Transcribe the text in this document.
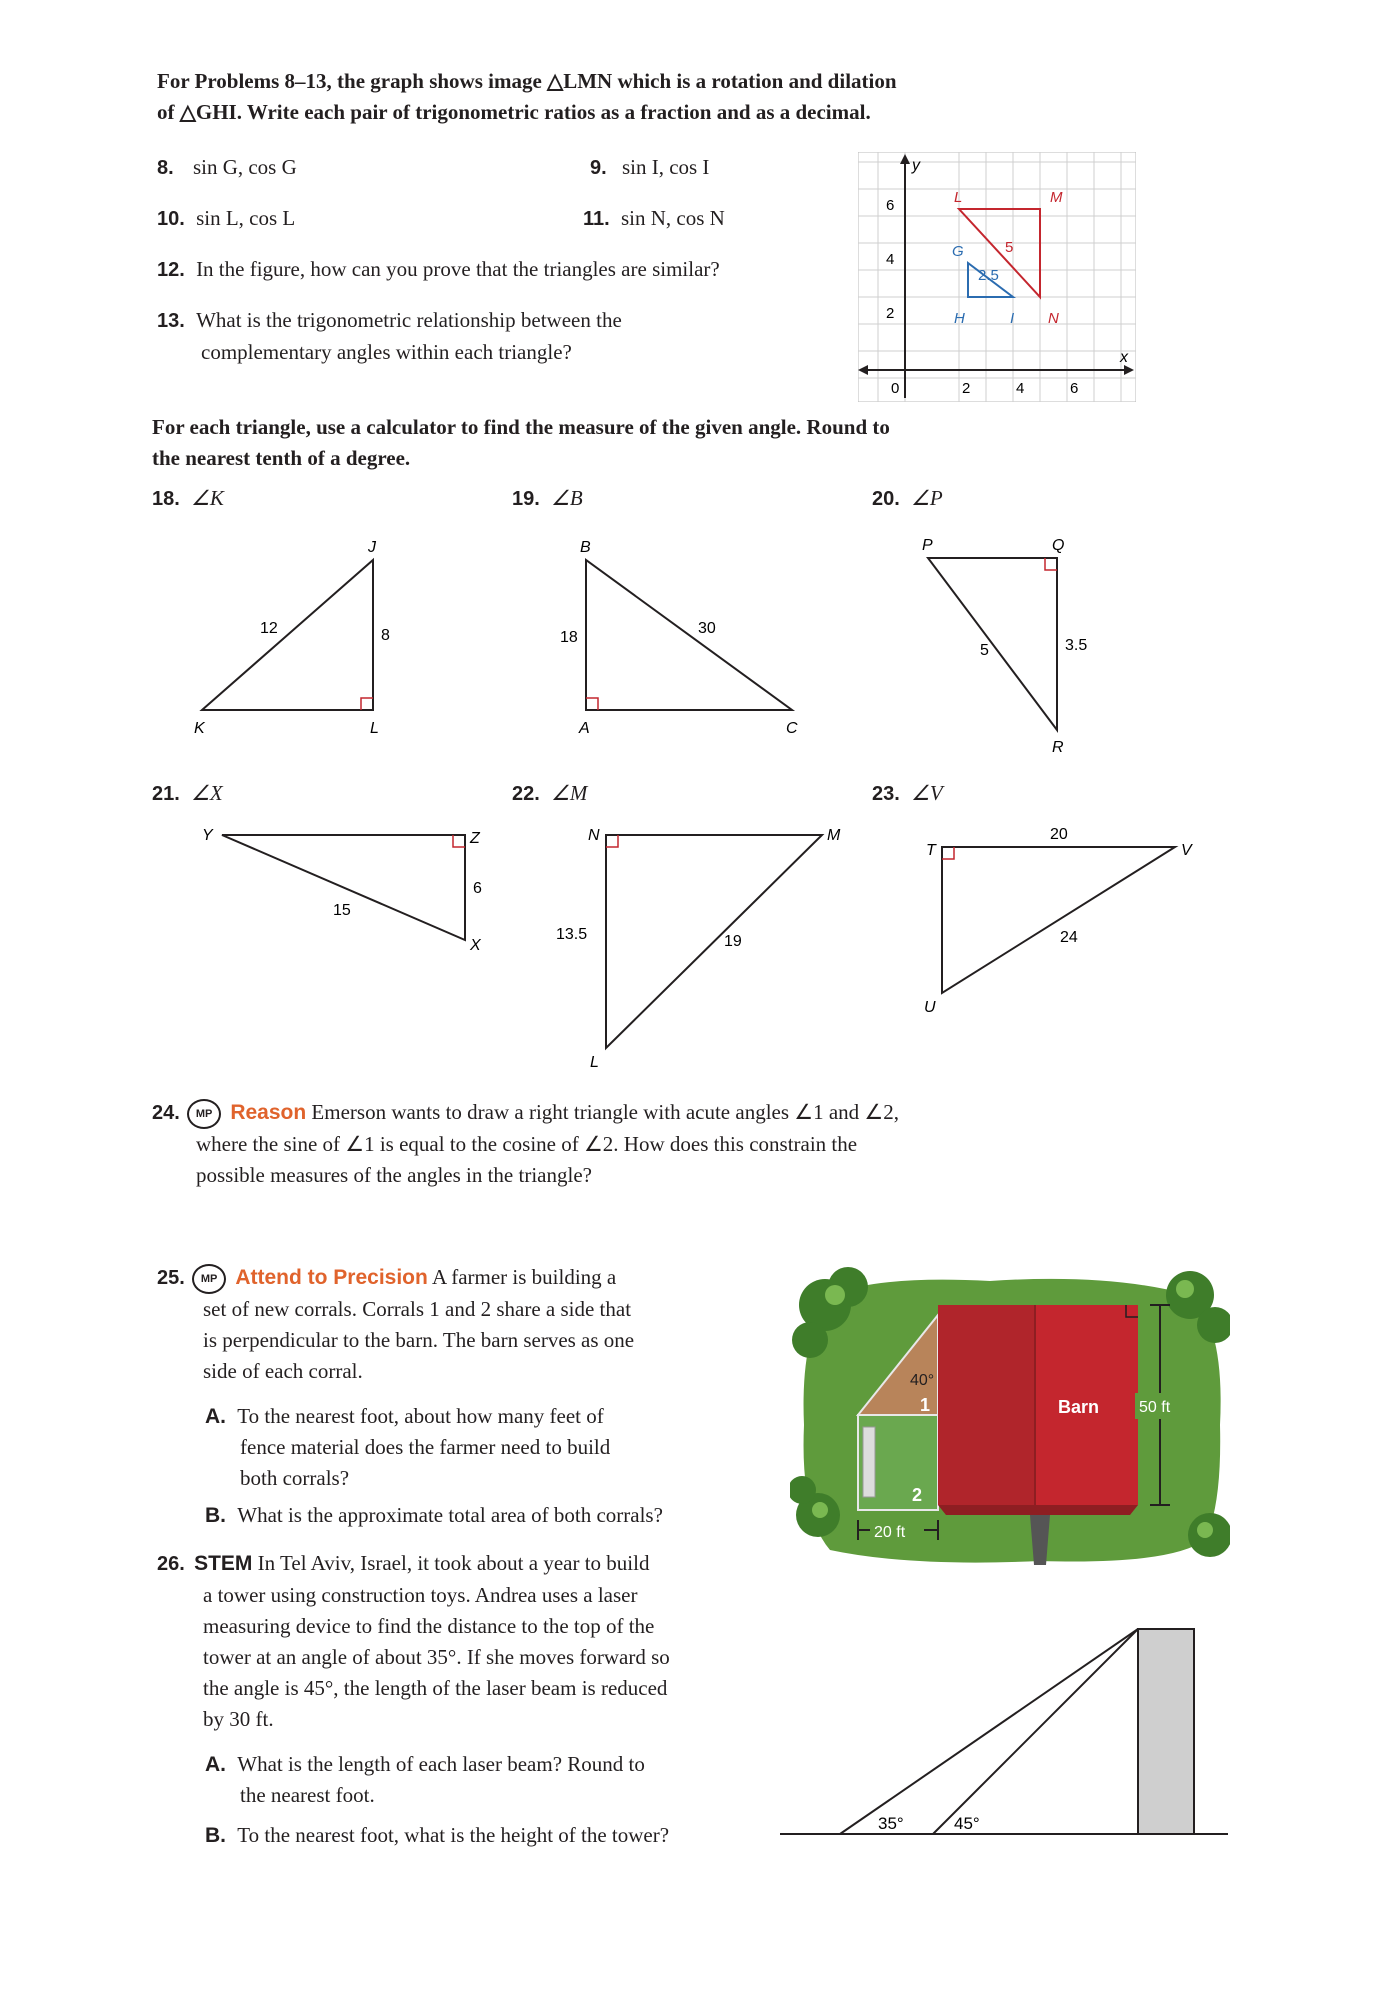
For Problems 8–13, the graph shows image △LMN which is a rotation and dilation
of △GHI. Write each pair of trigonometric ratios as a fraction and as a decimal.
8. sin G, cos G	9. sin I, cos I
10. sin L, cos L	11. sin N, cos N
12. In the figure, how can you prove that the triangles are similar?
13. What is the trigonometric relationship between the
complementary angles within each triangle?	x
y
0	2	4	6
2
4
6	L	M
N
5
G
H	I
2.5
For each triangle, use a calculator to find the measure of the given angle. Round to
the nearest tenth of a degree.
18. ∠K	19. ∠B	20. ∠P
J
K	L
12	8
B
A	C
18
30
P	Q
R
5	3.5
21. ∠X	22. ∠M	23. ∠V
Y	Z
X
6
15
N	M
L
13.5	19
T	V
U
20
24
24. MP Reason Emerson wants to draw a right triangle with acute angles ∠1 and ∠2,
where the sine of ∠1 is equal to the cosine of ∠2. How does this constrain the
possible measures of the angles in the triangle?
25. MP Attend to Precision A farmer is building a
set of new corrals. Corrals 1 and 2 share a side that
is perpendicular to the barn. The barn serves as one
side of each corral.
A. To the nearest foot, about how many feet of
fence material does the farmer need to build
both corrals?
B. What is the approximate total area of both corrals?
40°
1
2
Barn 50 ft
20 ft
26. STEM In Tel Aviv, Israel, it took about a year to build
a tower using construction toys. Andrea uses a laser
measuring device to find the distance to the top of the
tower at an angle of about 35°. If she moves forward so
the angle is 45°, the length of the laser beam is reduced
by 30 ft.
A. What is the length of each laser beam? Round to
the nearest foot.
B. To the nearest foot, what is the height of the tower?	35°	45°
